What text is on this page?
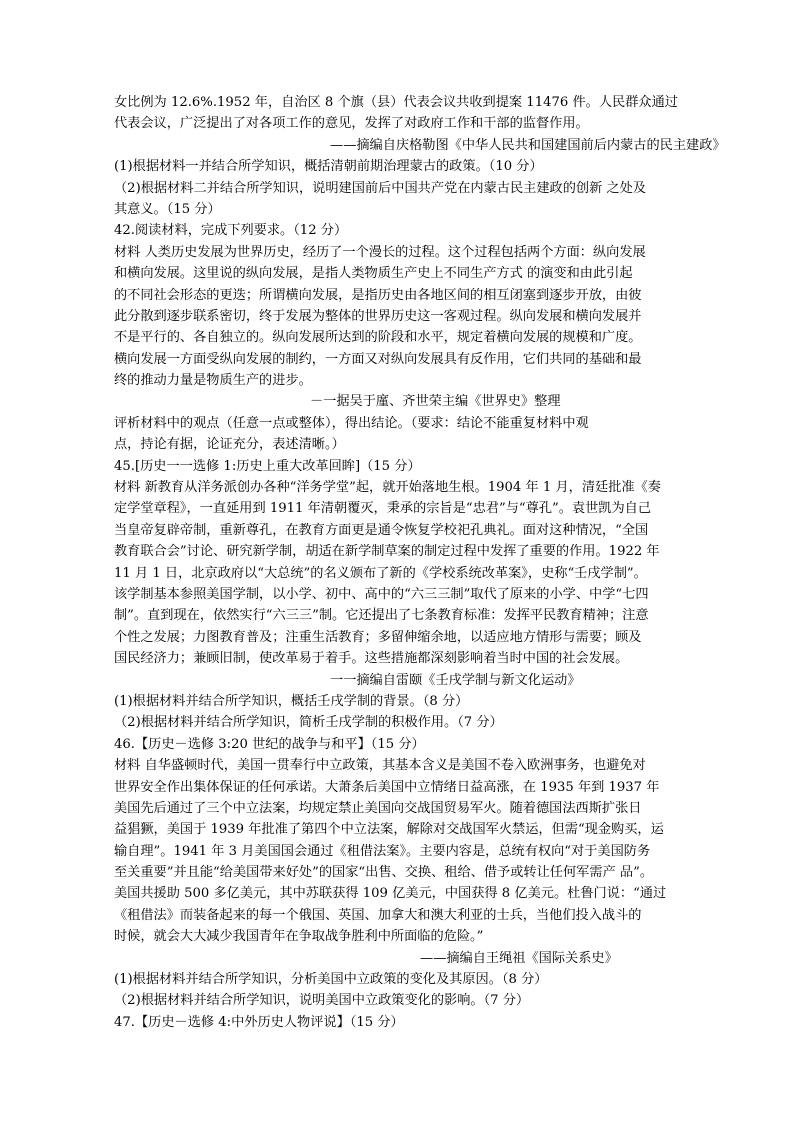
女比例为 12.6%.1952 年，自治区 8 个旗（县）代表会议共收到提案 11476 件。人民群众通过
代表会议，广泛提出了对各项工作的意见，发挥了对政府工作和干部的监督作用。
——摘编自庆格勒图《中华人民共和国建国前后内蒙古的民主建政》
(1)根据材料一并结合所学知识，概括清朝前期治理蒙古的政策。（10 分）
（2)根据材料二并结合所学知识，说明建国前后中国共产党在内蒙古民主建政的创新 之处及
其意义。（15 分）
42.阅读材料，完成下列要求。（12 分）
材料 人类历史发展为世界历史，经历了一个漫长的过程。这个过程包括两个方面：纵向发展
和横向发展。这里说的纵向发展，是指人类物质生产史上不同生产方式 的演变和由此引起
的不同社会形态的更迭；所谓横向发展，是指历史由各地区间的相互闭塞到逐步开放，由彼
此分散到逐步联系密切，终于发展为整体的世界历史这一客观过程。纵向发展和横向发展并
不是平行的、各自独立的。纵向发展所达到的阶段和水平，规定着横向发展的规模和广度。
横向发展一方面受纵向发展的制约，一方面又对纵向发展具有反作用，它们共同的基础和最
终的推动力量是物质生产的进步。
－一据吴于廑、齐世荣主编《世界史》整理
评析材料中的观点（任意一点或整体），得出结论。（要求：结论不能重复材料中观
点，持论有据，论证充分，表述清晰。）
45.[历史一一选修 1:历史上重大改革回眸]（15 分）
材料 新教育从洋务派创办各种“洋务学堂”起，就开始落地生根。1904 年 1 月，清廷批准《奏
定学堂章程》，一直延用到 1911 年清朝覆灭，秉承的宗旨是“忠君”与“尊孔”。袁世凯为自己
当皇帝复辟帝制，重新尊孔，在教育方面更是通令恢复学校祀孔典礼。面对这种情况，“全国
教育联合会”讨论、研究新学制，胡适在新学制草案的制定过程中发挥了重要的作用。1922 年
11 月 1 日，北京政府以“大总统”的名义颁布了新的《学校系统改革案》，史称“壬戌学制”。
该学制基本参照美国学制，以小学、初中、高中的“六三三制”取代了原来的小学、中学“七四
制”。直到现在，依然实行“六三三”制。它还提出了七条教育标准：发挥平民教育精神；注意
个性之发展；力图教育普及；注重生活教育；多留伸缩余地，以适应地方情形与需要；顾及
国民经济力；兼顾旧制，使改革易于着手。这些措施都深刻影响着当时中国的社会发展。
一一摘编自雷颐《壬戌学制与新文化运动》
(1)根据材料并结合所学知识，概括壬戌学制的背景。（8 分）
（2)根据材料并结合所学知识，简析壬戌学制的积极作用。（7 分）
46.【历史－选修 3:20 世纪的战争与和平】（15 分）
材料 自华盛顿时代，美国一贯奉行中立政策，其基本含义是美国不卷入欧洲事务，也避免对
世界安全作出集体保证的任何承诺。大萧条后美国中立情绪日益高涨，在 1935 年到 1937 年
美国先后通过了三个中立法案，均规定禁止美国向交战国贸易军火。随着德国法西斯扩张日
益猖獗，美国于 1939 年批准了第四个中立法案，解除对交战国军火禁运，但需“现金购买，运
输自理”。1941 年 3 月美国国会通过《租借法案》。主要内容是，总统有权向“对于美国防务
至关重要”并且能“给美国带来好处”的国家“出售、交换、租给、借予或转让任何军需产 品”。
美国共援助 500 多亿美元，其中苏联获得 109 亿美元，中国获得 8 亿美元。杜鲁门说：“通过
《租借法》而装备起来的每一个俄国、英国、加拿大和澳大利亚的士兵，当他们投入战斗的
时候，就会大大减少我国青年在争取战争胜利中所面临的危险。”
——摘编自王绳祖《国际关系史》
(1)根据材料并结合所学知识，分析美国中立政策的变化及其原因。（8 分）
（2)根据材料并结合所学知识，说明美国中立政策变化的影响。（7 分）
47.【历史－选修 4:中外历史人物评说】（15 分）
